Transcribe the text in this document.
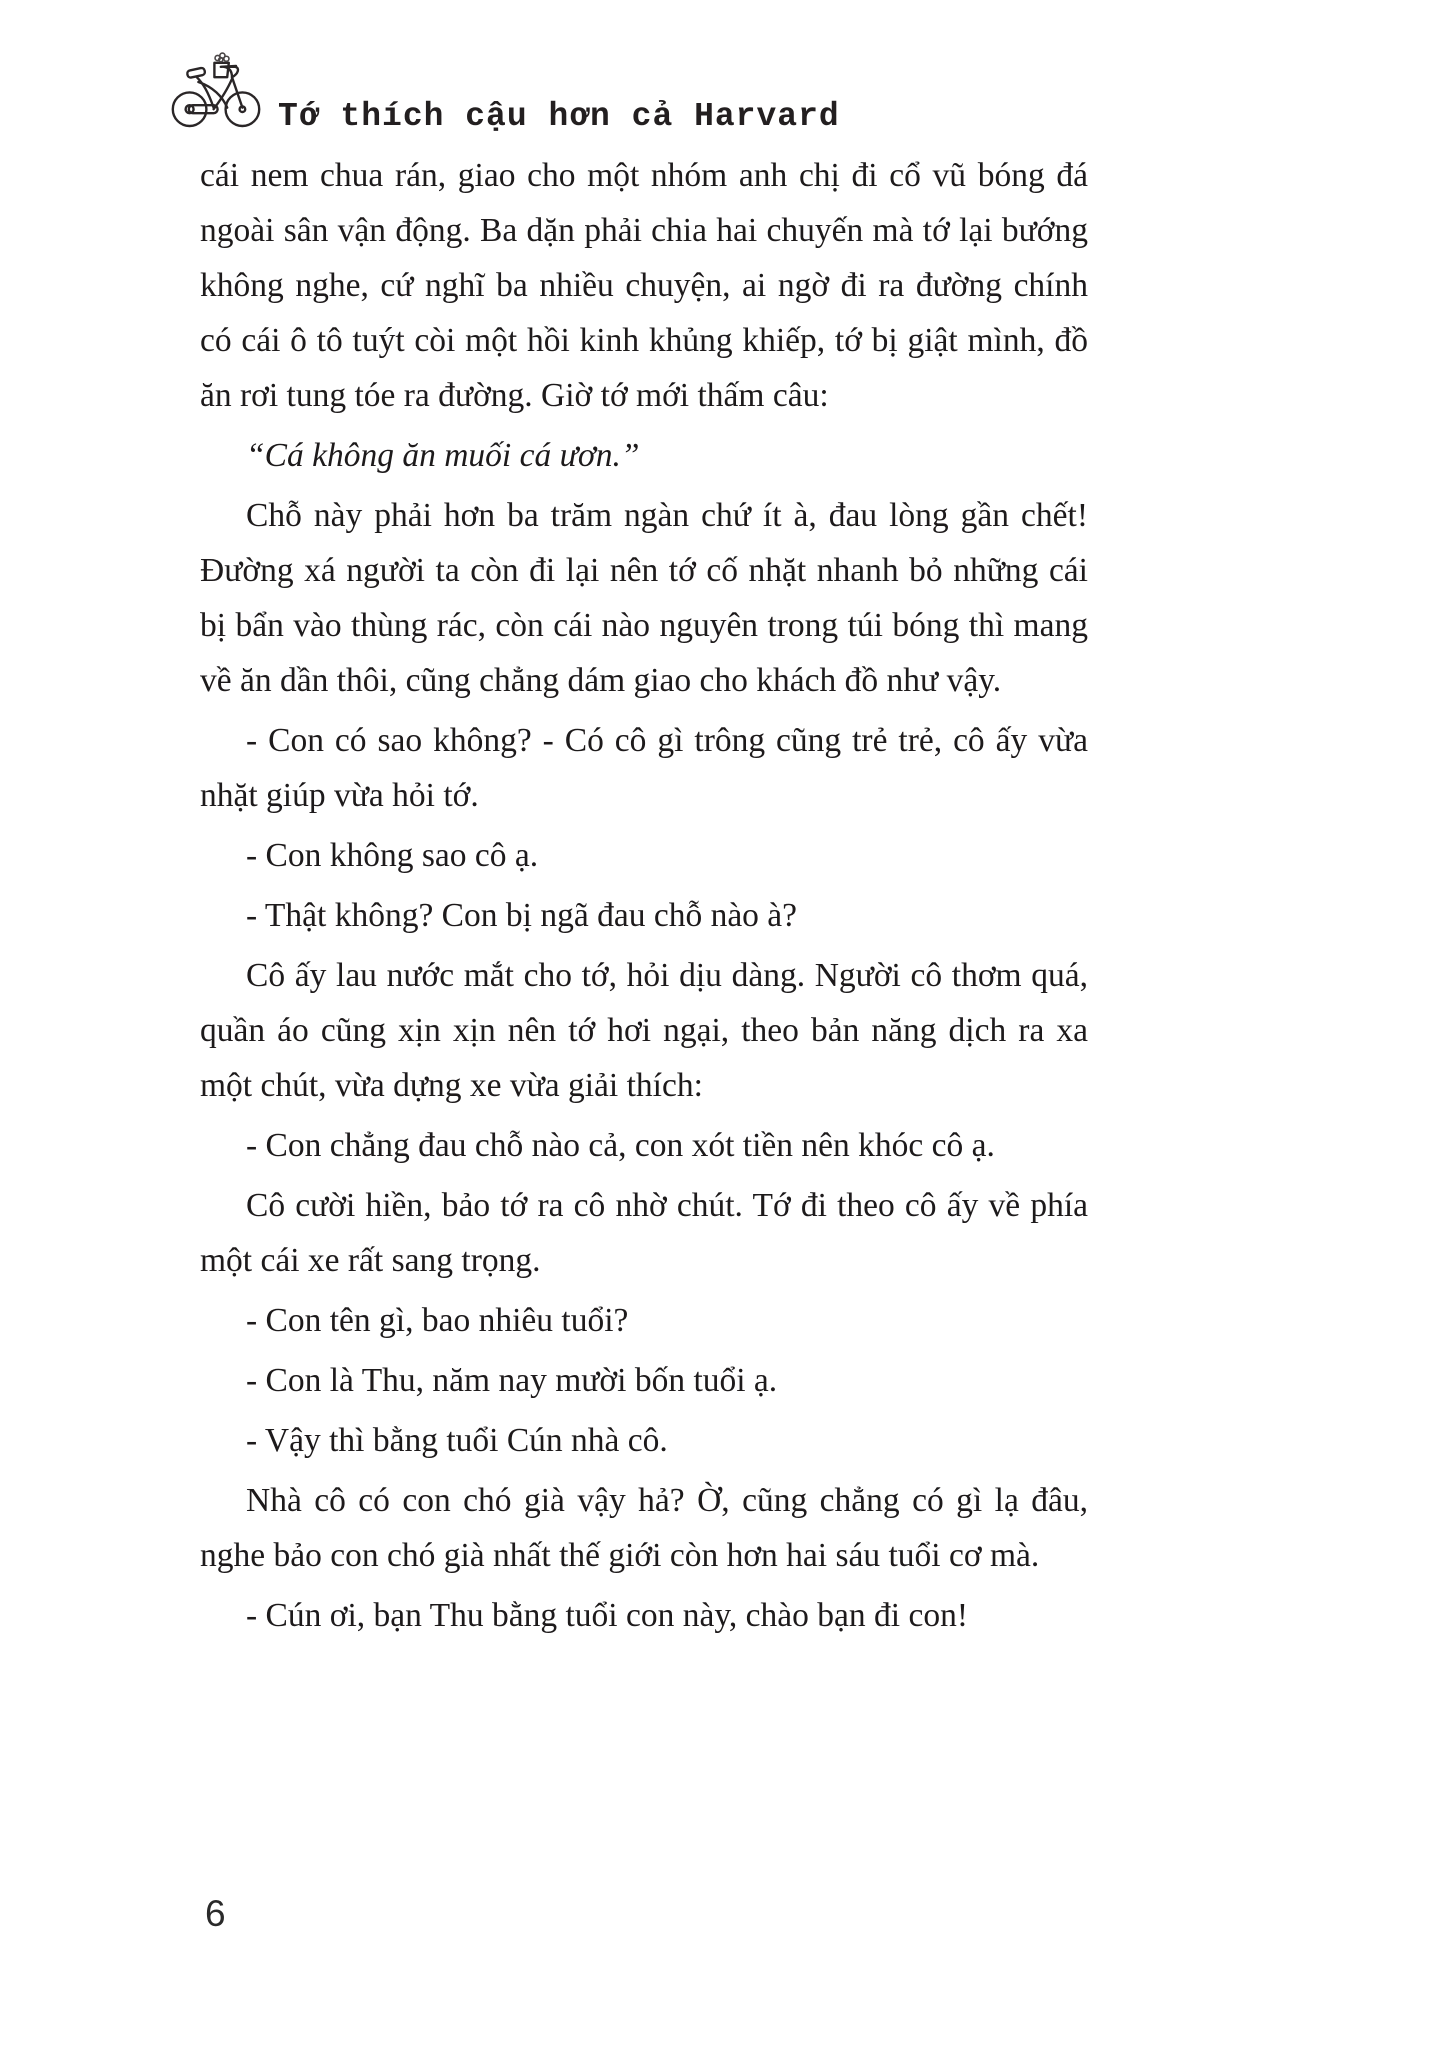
Tớ thích cậu hơn cả Harvard

cái nem chua rán, giao cho một nhóm anh chị đi cổ vũ bóng đá ngoài sân vận động. Ba dặn phải chia hai chuyến mà tớ lại bướng không nghe, cứ nghĩ ba nhiều chuyện, ai ngờ đi ra đường chính có cái ô tô tuýt còi một hồi kinh khủng khiếp, tớ bị giật mình, đồ ăn rơi tung tóe ra đường. Giờ tớ mới thấm câu:

“Cá không ăn muối cá ươn.”

Chỗ này phải hơn ba trăm ngàn chứ ít à, đau lòng gần chết! Đường xá người ta còn đi lại nên tớ cố nhặt nhanh bỏ những cái bị bẩn vào thùng rác, còn cái nào nguyên trong túi bóng thì mang về ăn dần thôi, cũng chẳng dám giao cho khách đồ như vậy.

- Con có sao không? - Có cô gì trông cũng trẻ trẻ, cô ấy vừa nhặt giúp vừa hỏi tớ.

- Con không sao cô ạ.

- Thật không? Con bị ngã đau chỗ nào à?

Cô ấy lau nước mắt cho tớ, hỏi dịu dàng. Người cô thơm quá, quần áo cũng xịn xịn nên tớ hơi ngại, theo bản năng dịch ra xa một chút, vừa dựng xe vừa giải thích:

- Con chẳng đau chỗ nào cả, con xót tiền nên khóc cô ạ.

Cô cười hiền, bảo tớ ra cô nhờ chút. Tớ đi theo cô ấy về phía một cái xe rất sang trọng.

- Con tên gì, bao nhiêu tuổi?

- Con là Thu, năm nay mười bốn tuổi ạ.

- Vậy thì bằng tuổi Cún nhà cô.

Nhà cô có con chó già vậy hả? Ờ, cũng chẳng có gì lạ đâu, nghe bảo con chó già nhất thế giới còn hơn hai sáu tuổi cơ mà.

- Cún ơi, bạn Thu bằng tuổi con này, chào bạn đi con!

6
